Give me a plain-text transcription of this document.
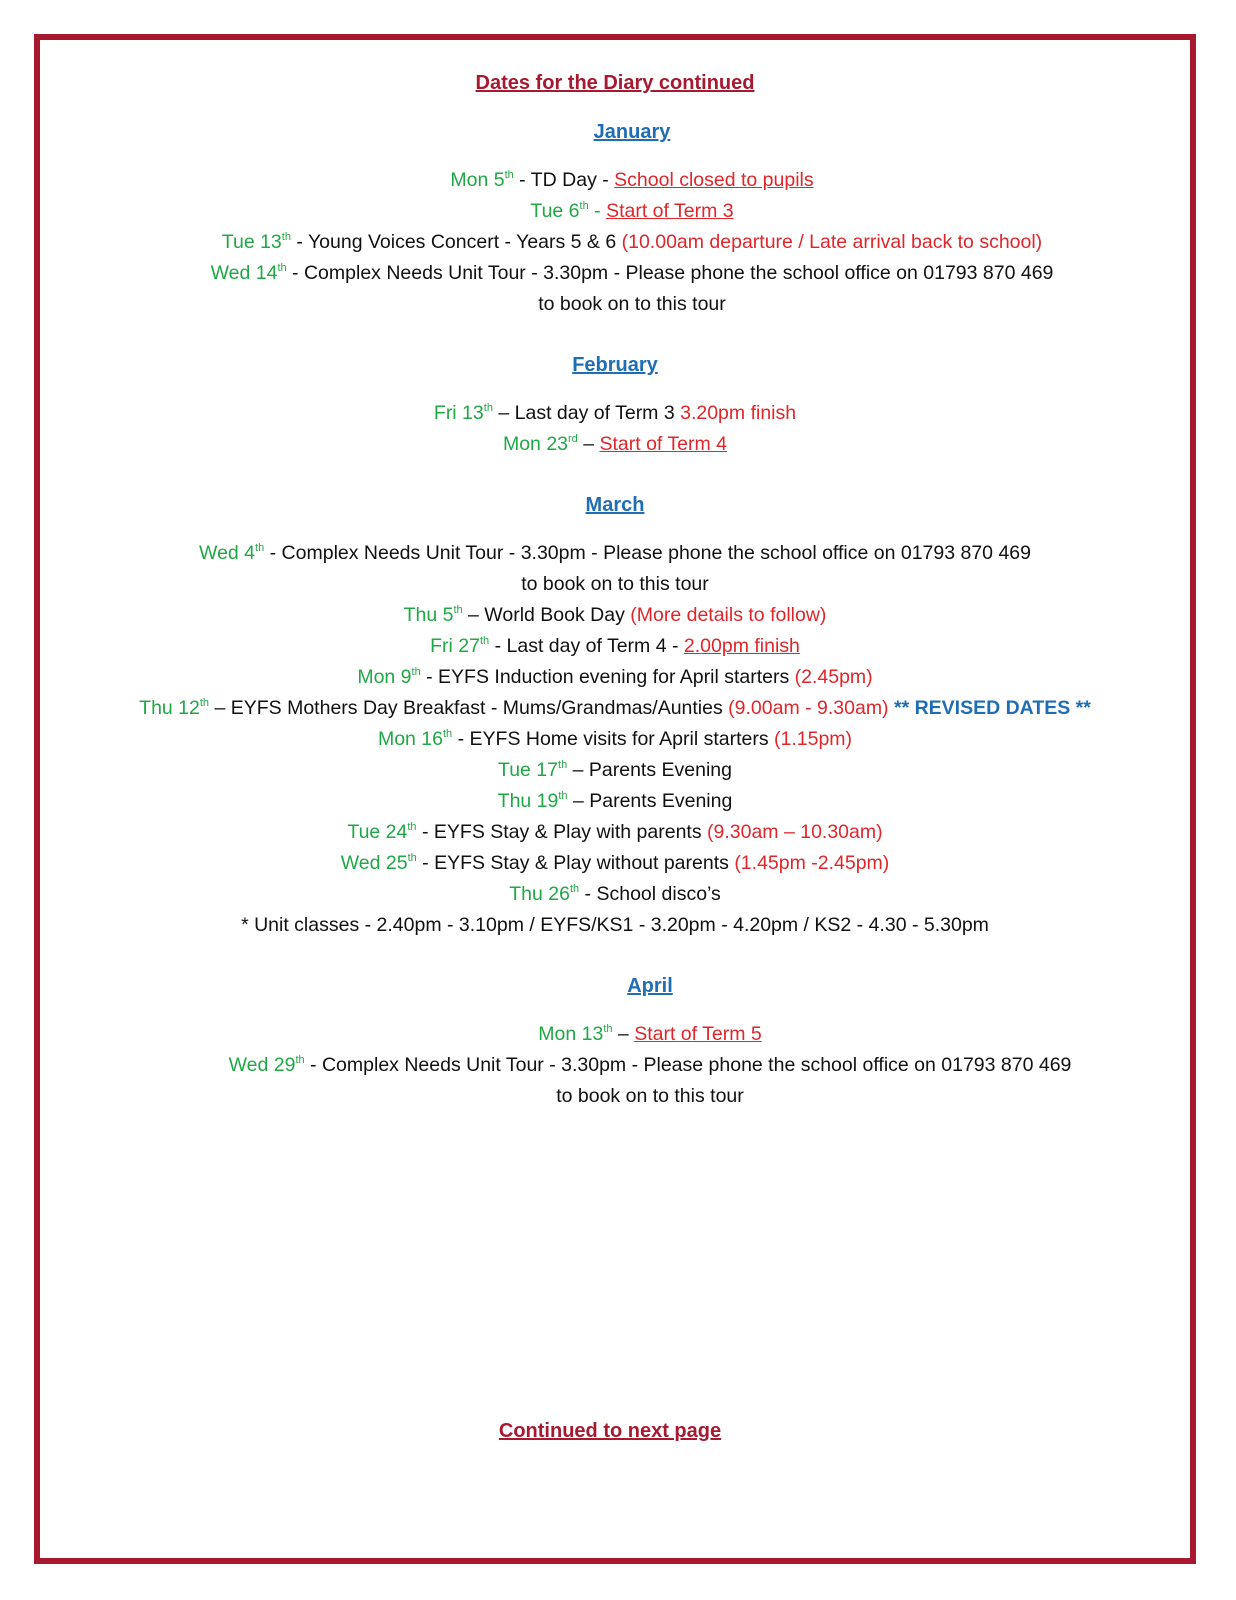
Dates for the Diary continued
January
Mon 5th - TD Day - School closed to pupils
Tue 6th - Start of Term 3
Tue 13th - Young Voices Concert - Years 5 & 6 (10.00am departure / Late arrival back to school)
Wed 14th - Complex Needs Unit Tour - 3.30pm - Please phone the school office on 01793 870 469
to book on to this tour
February
Fri 13th – Last day of Term 3 3.20pm finish
Mon 23rd – Start of Term 4
March
Wed 4th - Complex Needs Unit Tour - 3.30pm - Please phone the school office on 01793 870 469
to book on to this tour
Thu 5th – World Book Day (More details to follow)
Fri 27th - Last day of Term 4 - 2.00pm finish
Mon 9th - EYFS Induction evening for April starters (2.45pm)
Thu 12th – EYFS Mothers Day Breakfast - Mums/Grandmas/Aunties (9.00am - 9.30am) ** REVISED DATES **
Mon 16th - EYFS Home visits for April starters (1.15pm)
Tue 17th – Parents Evening
Thu 19th – Parents Evening
Tue 24th - EYFS Stay & Play with parents (9.30am – 10.30am)
Wed 25th - EYFS Stay & Play without parents (1.45pm -2.45pm)
Thu 26th - School disco’s
* Unit classes - 2.40pm - 3.10pm / EYFS/KS1 - 3.20pm - 4.20pm / KS2 - 4.30 - 5.30pm
April
Mon 13th – Start of Term 5
Wed 29th - Complex Needs Unit Tour - 3.30pm - Please phone the school office on 01793 870 469
to book on to this tour
Continued to next page
